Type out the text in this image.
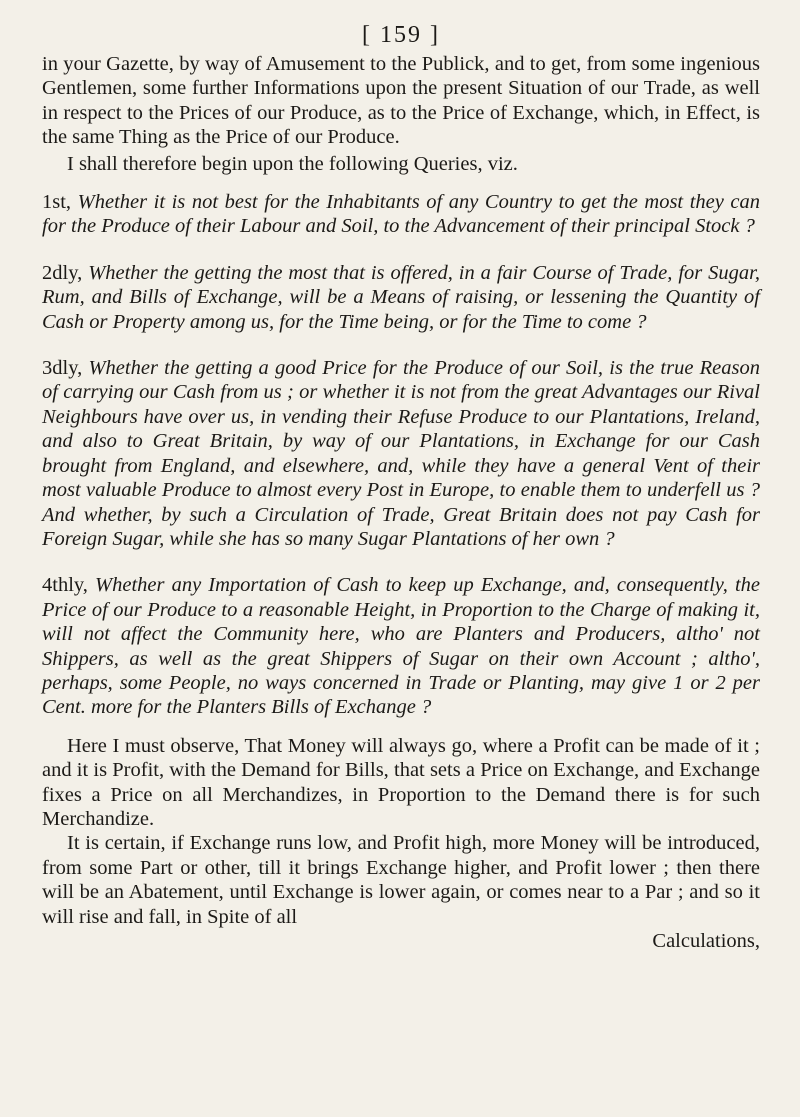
[ 159 ]

in your Gazette, by way of Amusement to the Publick, and to get, from some ingenious Gentlemen, some further Informations upon the present Situation of our Trade, as well in respect to the Prices of our Produce, as to the Price of Exchange, which, in Effect, is the same Thing as the Price of our Produce.

I shall therefore begin upon the following Queries, viz.

1st, Whether it is not best for the Inhabitants of any Country to get the most they can for the Produce of their Labour and Soil, to the Advancement of their principal Stock ?

2dly, Whether the getting the most that is offered, in a fair Course of Trade, for Sugar, Rum, and Bills of Exchange, will be a Means of raising, or lessening the Quantity of Cash or Property among us, for the Time being, or for the Time to come ?

3dly, Whether the getting a good Price for the Produce of our Soil, is the true Reason of carrying our Cash from us ; or whether it is not from the great Advantages our Rival Neighbours have over us, in vending their Refuse Produce to our Plantations, Ireland, and also to Great Britain, by way of our Plantations, in Exchange for our Cash brought from England, and elsewhere, and, while they have a general Vent of their most valuable Produce to almost every Post in Europe, to enable them to underfell us ? And whether, by such a Circulation of Trade, Great Britain does not pay Cash for Foreign Sugar, while she has so many Sugar Plantations of her own ?

4thly, Whether any Importation of Cash to keep up Exchange, and, consequently, the Price of our Produce to a reasonable Height, in Proportion to the Charge of making it, will not affect the Community here, who are Planters and Producers, altho' not Shippers, as well as the great Shippers of Sugar on their own Account ; altho', perhaps, some People, no ways concerned in Trade or Planting, may give 1 or 2 per Cent. more for the Planters Bills of Exchange ?

Here I must observe, That Money will always go, where a Profit can be made of it ; and it is Profit, with the Demand for Bills, that sets a Price on Exchange, and Exchange fixes a Price on all Merchandizes, in Proportion to the Demand there is for such Merchandize.

It is certain, if Exchange runs low, and Profit high, more Money will be introduced, from some Part or other, till it brings Exchange higher, and Profit lower ; then there will be an Abatement, until Exchange is lower again, or comes near to a Par ; and so it will rise and fall, in Spite of all

Calculations,
